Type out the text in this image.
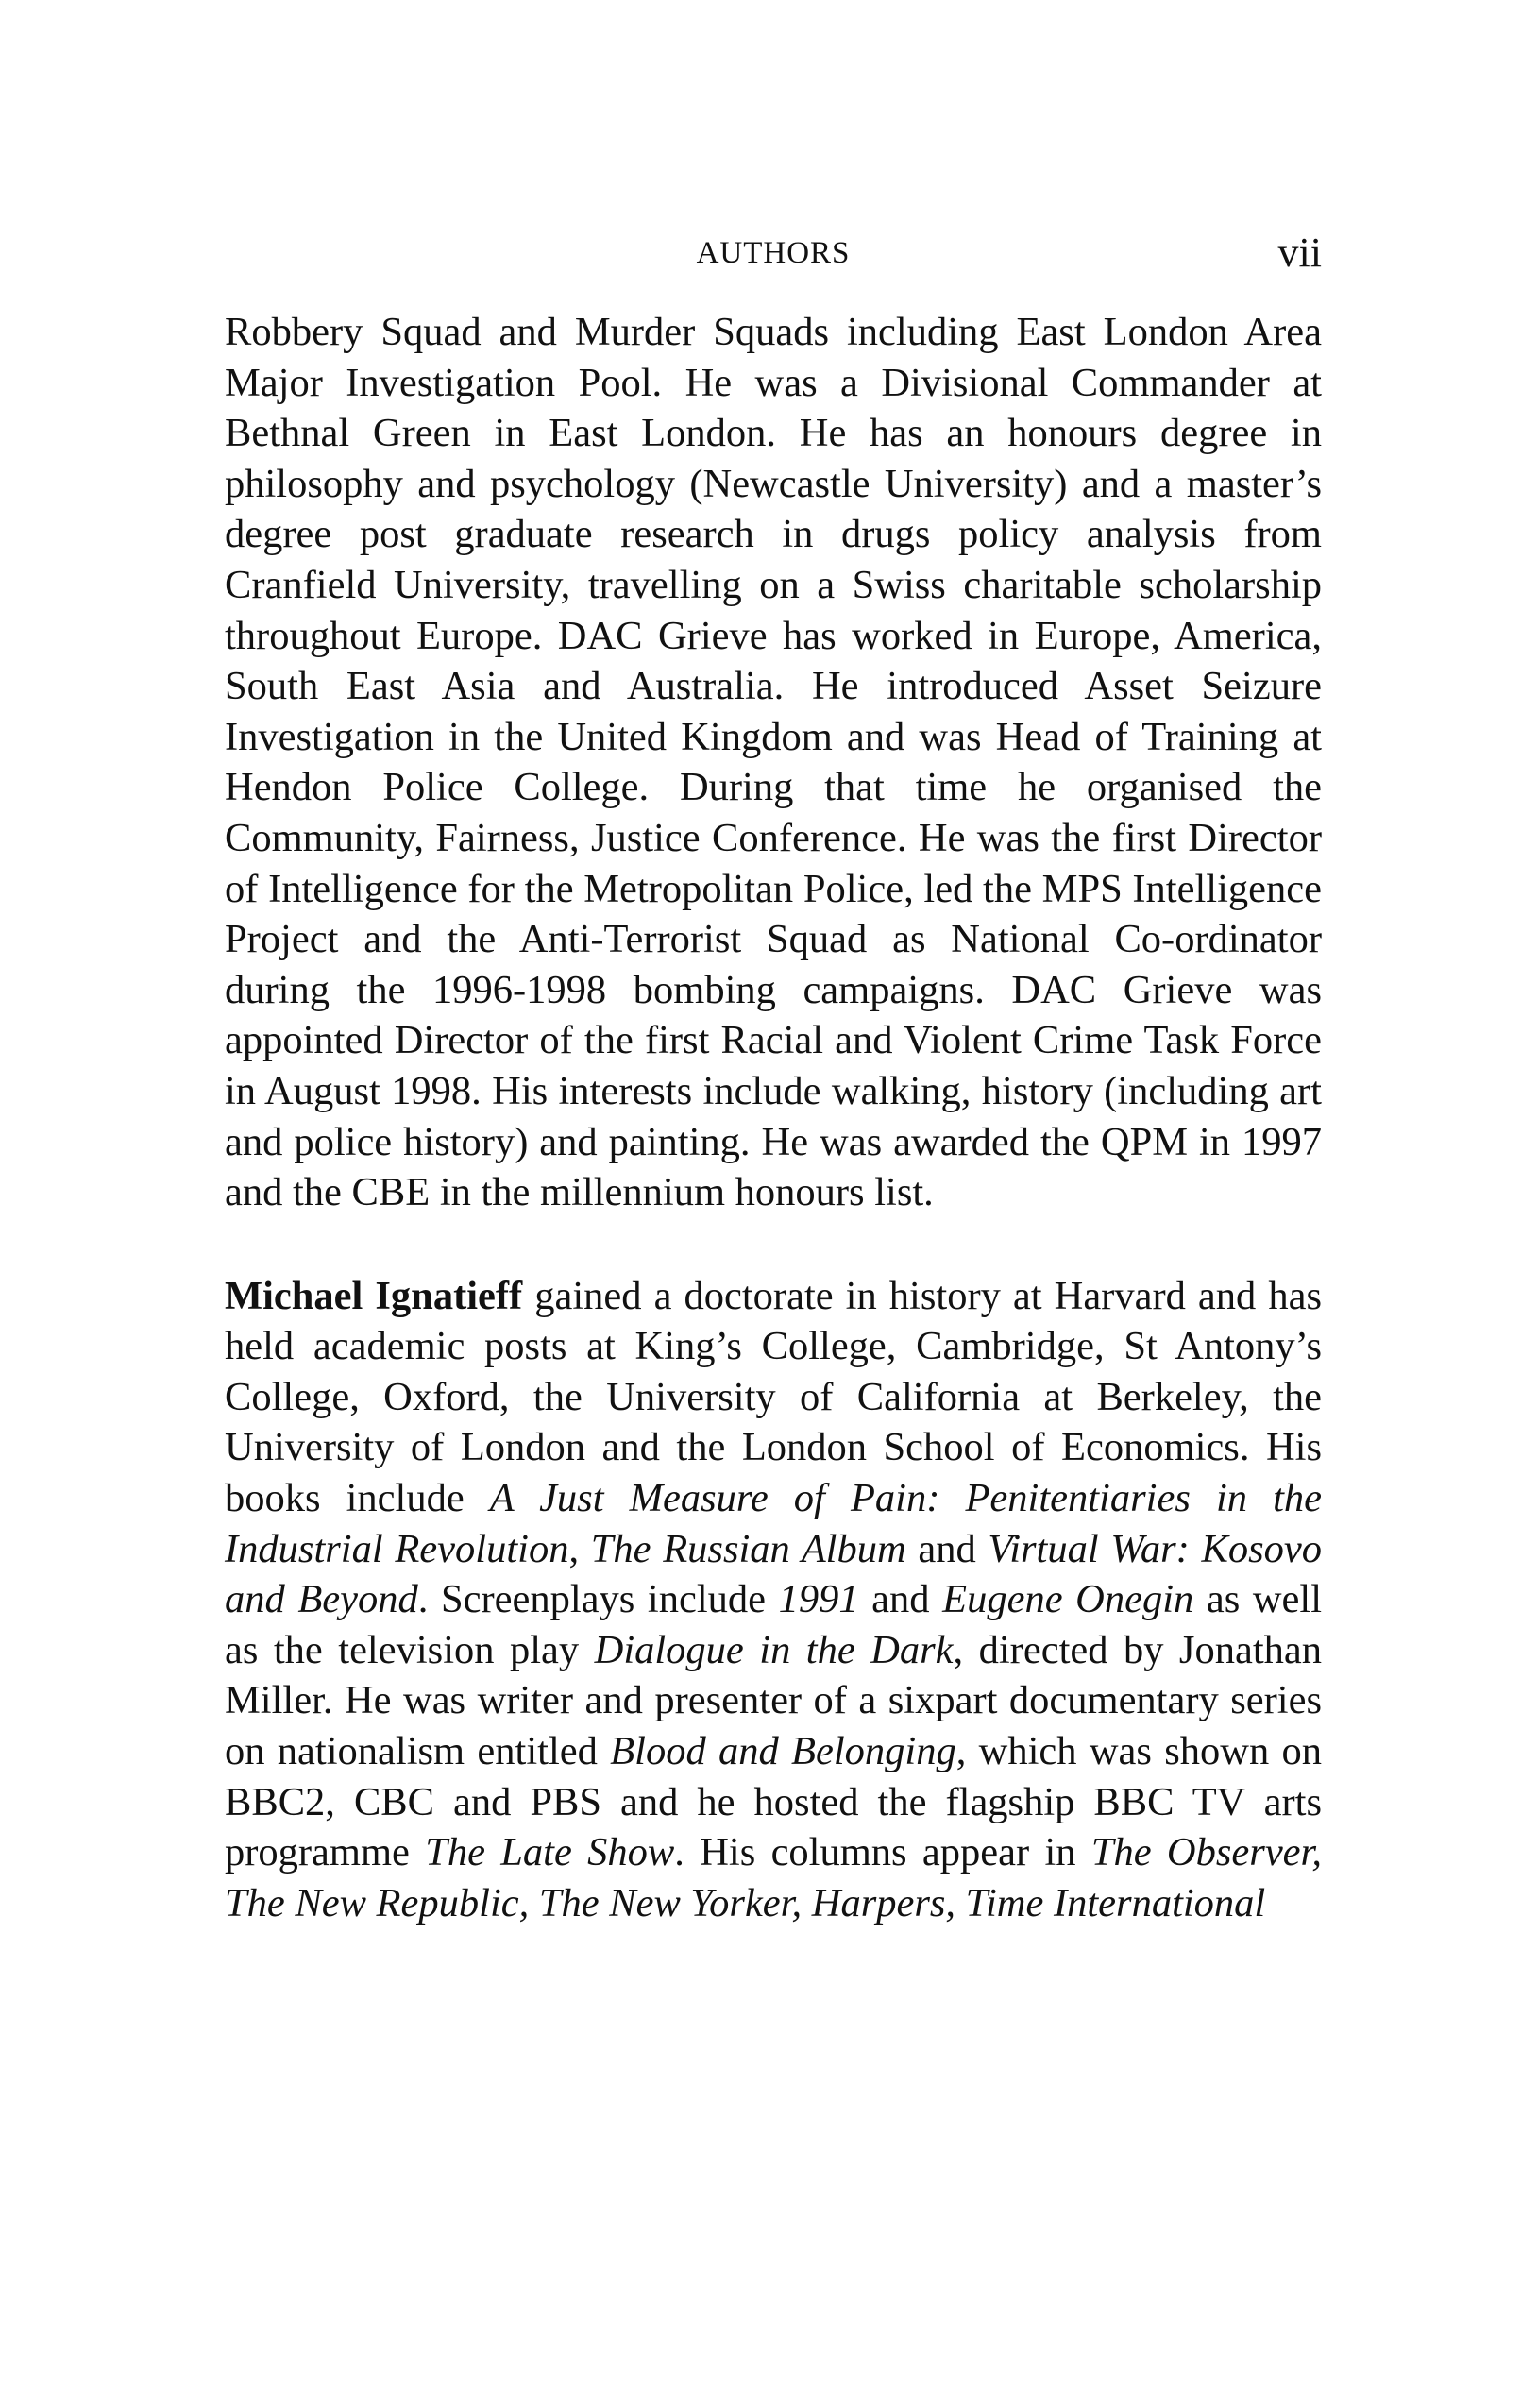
AUTHORS	vii

Robbery Squad and Murder Squads including East London Area Major Investigation Pool. He was a Divisional Commander at Bethnal Green in East London. He has an honours degree in philosophy and psychology (Newcastle University) and a master’s degree post graduate research in drugs policy analysis from Cranfield University, travelling on a Swiss charitable scholarship throughout Europe. DAC Grieve has worked in Europe, America, South East Asia and Australia. He introduced Asset Seizure Investigation in the United Kingdom and was Head of Training at Hendon Police College. During that time he organised the Community, Fairness, Justice Conference. He was the first Director of Intelligence for the Metropolitan Police, led the MPS Intelligence Project and the Anti-Terrorist Squad as National Co-ordinator during the 1996-1998 bombing campaigns. DAC Grieve was appointed Director of the first Racial and Violent Crime Task Force in August 1998. His interests include walking, history (including art and police history) and painting. He was awarded the QPM in 1997 and the CBE in the millennium honours list.

Michael Ignatieff gained a doctorate in history at Harvard and has held academic posts at King’s College, Cambridge, St Antony’s College, Oxford, the University of California at Berkeley, the University of London and the London School of Economics. His books include A Just Measure of Pain: Penitentiaries in the Industrial Revolution, The Russian Album and Virtual War: Kosovo and Beyond. Screenplays include 1991 and Eugene Onegin as well as the television play Dialogue in the Dark, directed by Jonathan Miller. He was writer and presenter of a sixpart documentary series on nationalism entitled Blood and Belonging, which was shown on BBC2, CBC and PBS and he hosted the flagship BBC TV arts programme The Late Show. His columns appear in The Observer, The New Republic, The New Yorker, Harpers, Time International
